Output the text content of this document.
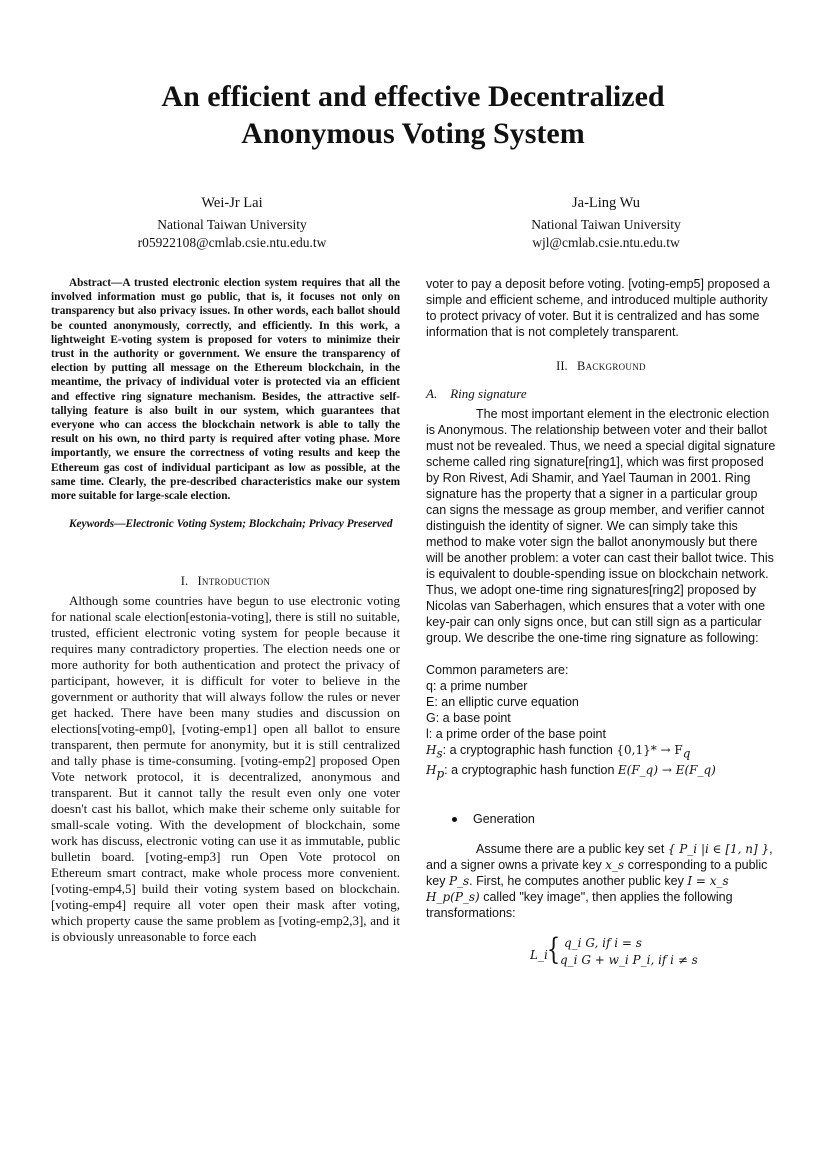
An efficient and effective Decentralized
Anonymous Voting System
Wei-Jr Lai
National Taiwan University
r05922108@cmlab.csie.ntu.edu.tw
Ja-Ling Wu
National Taiwan University
wjl@cmlab.csie.ntu.edu.tw

Abstract—A trusted electronic election system requires that all the involved information must go public, that is, it focuses not only on transparency but also privacy issues. In other words, each ballot should be counted anonymously, correctly, and efficiently. In this work, a lightweight E-voting system is proposed for voters to minimize their trust in the authority or government. We ensure the transparency of election by putting all message on the Ethereum blockchain, in the meantime, the privacy of individual voter is protected via an efficient and effective ring signature mechanism. Besides, the attractive self-tallying feature is also built in our system, which guarantees that everyone who can access the blockchain network is able to tally the result on his own, no third party is required after voting phase. More importantly, we ensure the correctness of voting results and keep the Ethereum gas cost of individual participant as low as possible, at the same time. Clearly, the pre-described characteristics make our system more suitable for large-scale election.

Keywords—Electronic Voting System; Blockchain; Privacy Preserved

I. Introduction

Although some countries have begun to use electronic voting for national scale election[estonia-voting], there is still no suitable, trusted, efficient electronic voting system for people because it requires many contradictory properties. The election needs one or more authority for both authentication and protect the privacy of participant, however, it is difficult for voter to believe in the government or authority that will always follow the rules or never get hacked. There have been many studies and discussion on elections[voting-emp0], [voting-emp1] open all ballot to ensure transparent, then permute for anonymity, but it is still centralized and tally phase is time-consuming. [voting-emp2] proposed Open Vote network protocol, it is decentralized, anonymous and transparent. But it cannot tally the result even only one voter doesn't cast his ballot, which make their scheme only suitable for small-scale voting. With the development of blockchain, some work has discuss, electronic voting can use it as immutable, public bulletin board. [voting-emp3] run Open Vote protocol on Ethereum smart contract, make whole process more convenient. [voting-emp4,5] build their voting system based on blockchain. [voting-emp4] require all voter open their mask after voting, which property cause the same problem as [voting-emp2,3], and it is obviously unreasonable to force each

voter to pay a deposit before voting. [voting-emp5] proposed a simple and efficient scheme, and introduced multiple authority to protect privacy of voter. But it is centralized and has some information that is not completely transparent.

II. Background

A. Ring signature

The most important element in the electronic election is Anonymous. The relationship between voter and their ballot must not be revealed. Thus, we need a special digital signature scheme called ring signature[ring1], which was first proposed by Ron Rivest, Adi Shamir, and Yael Tauman in 2001. Ring signature has the property that a signer in a particular group can signs the message as group member, and verifier cannot distinguish the identity of signer. We can simply take this method to make voter sign the ballot anonymously but there will be another problem: a voter can cast their ballot twice. This is equivalent to double-spending issue on blockchain network. Thus, we adopt one-time ring signatures[ring2] proposed by Nicolas van Saberhagen, which ensures that a voter with one key-pair can only signs once, but can still sign as a particular group. We describe the one-time ring signature as following:

Common parameters are:
q: a prime number
E: an elliptic curve equation
G: a base point
l: a prime order of the base point
$H_s$: a cryptographic hash function $\{0,1\}* \to F_q$
$H_p$: a cryptographic hash function E(F_q) → E(F_q)
Generation

Assume there are a public key set { P_i |i ∈ [1, n] }, and a signer owns a private key x_s corresponding to a public key P_s. First, he computes another public key I = x_s H_p(P_s) called "key image", then applies the following transformations:

L_i { q_i G, if i = s
q_i G + w_i P_i, if i ≠ s
